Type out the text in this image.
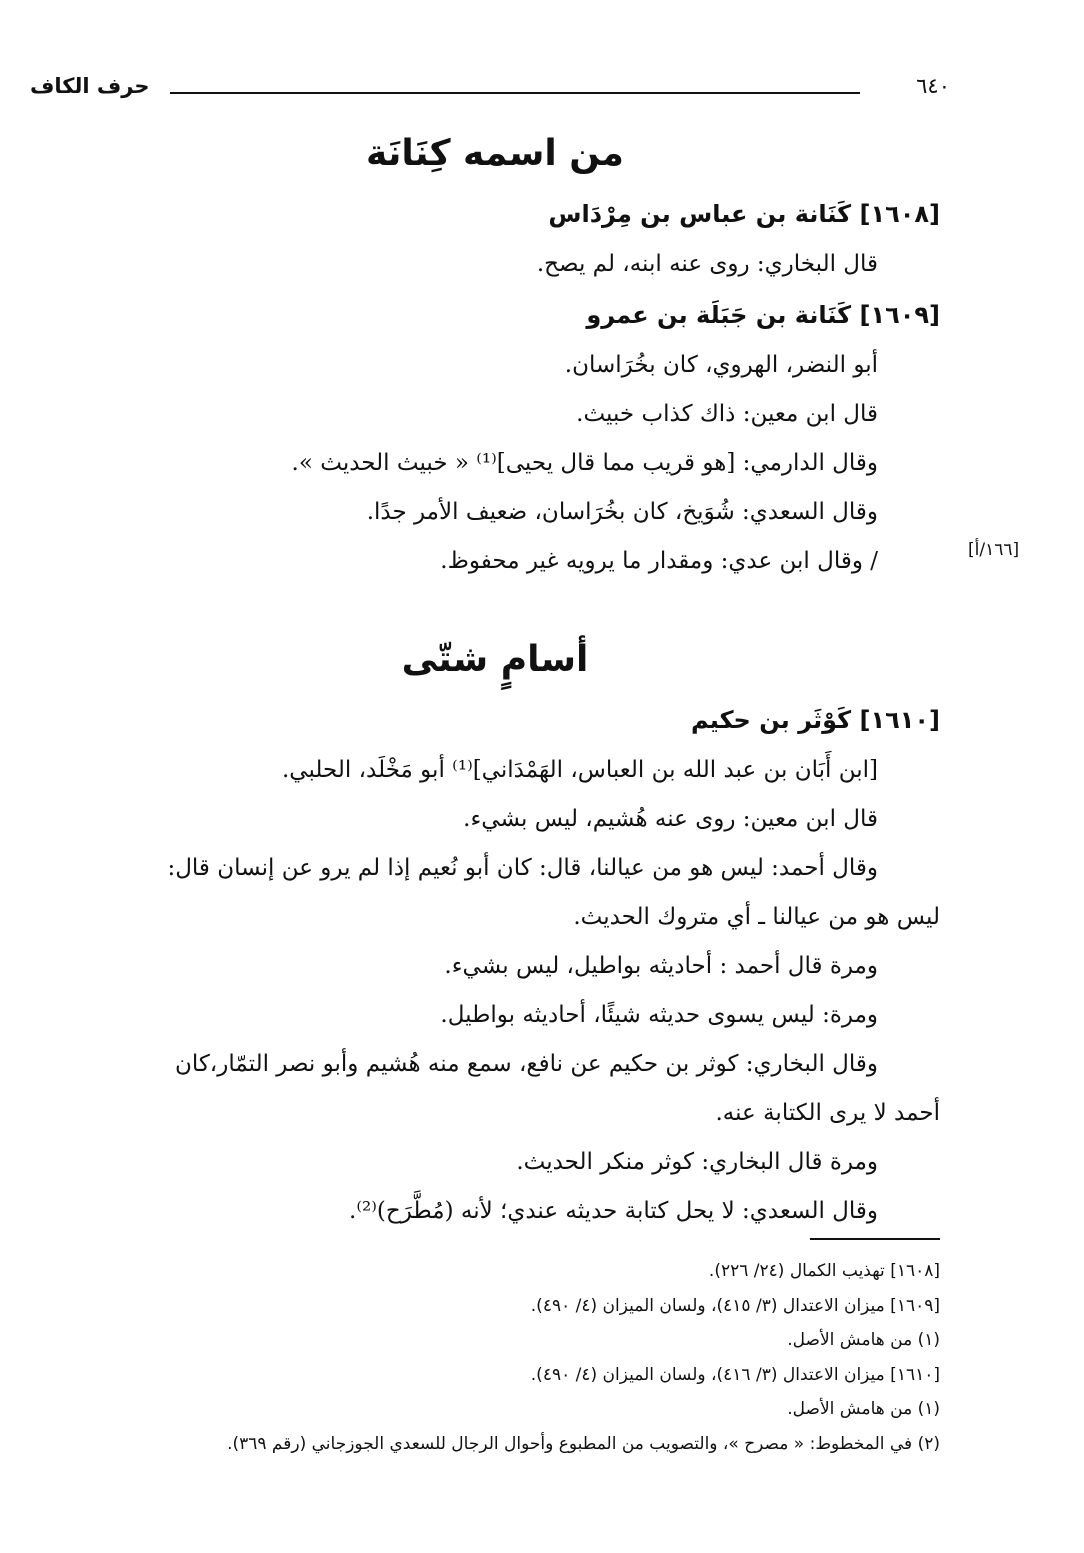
حرف الكاف	٦٤٠
من اسمه كِنَانَة
[١٦٠٨] كَنَانة بن عباس بن مِرْدَاس
قال البخاري: روى عنه ابنه، لم يصح.
[١٦٠٩] كَنَانة بن جَبَلَة بن عمرو
أبو النضر، الهروي، كان بخُرَاسان.
قال ابن معين: ذاك كذاب خبيث.
وقال الدارمي: [هو قريب مما قال يحيى]⁽¹⁾ « خبيث الحديث ».
وقال السعدي: شُوَيخ، كان بخُرَاسان، ضعيف الأمر جدًا.
/ وقال ابن عدي: ومقدار ما يرويه غير محفوظ.
أسامٍ شتّى
[١٦١٠] كَوْثَر بن حكيم
[ابن أَبَان بن عبد الله بن العباس، الهَمْدَاني]⁽¹⁾ أبو مَخْلَد، الحلبي.
قال ابن معين: روى عنه هُشيم، ليس بشيء.
وقال أحمد: ليس هو من عيالنا، قال: كان أبو نُعيم إذا لم يرو عن إنسان قال:
ليس هو من عيالنا ـ أي متروك الحديث.
ومرة قال أحمد : أحاديثه بواطيل، ليس بشيء.
ومرة: ليس يسوى حديثه شيئًا، أحاديثه بواطيل.
وقال البخاري: كوثر بن حكيم عن نافع، سمع منه هُشيم وأبو نصر التمّار،كان
أحمد لا يرى الكتابة عنه.
ومرة قال البخاري: كوثر منكر الحديث.
وقال السعدي: لا يحل كتابة حديثه عندي؛ لأنه (مُطَّرَح)⁽²⁾.
[١٦٦/أ]
[١٦٠٨] تهذيب الكمال (٢٤/ ٢٢٦).
[١٦٠٩] ميزان الاعتدال (٣/ ٤١٥)، ولسان الميزان (٤/ ٤٩٠).
(١) من هامش الأصل.
[١٦١٠] ميزان الاعتدال (٣/ ٤١٦)، ولسان الميزان (٤/ ٤٩٠).
(١) من هامش الأصل.
(٢) في المخطوط: « مصرح »، والتصويب من المطبوع وأحوال الرجال للسعدي الجوزجاني (رقم ٣٦٩).
